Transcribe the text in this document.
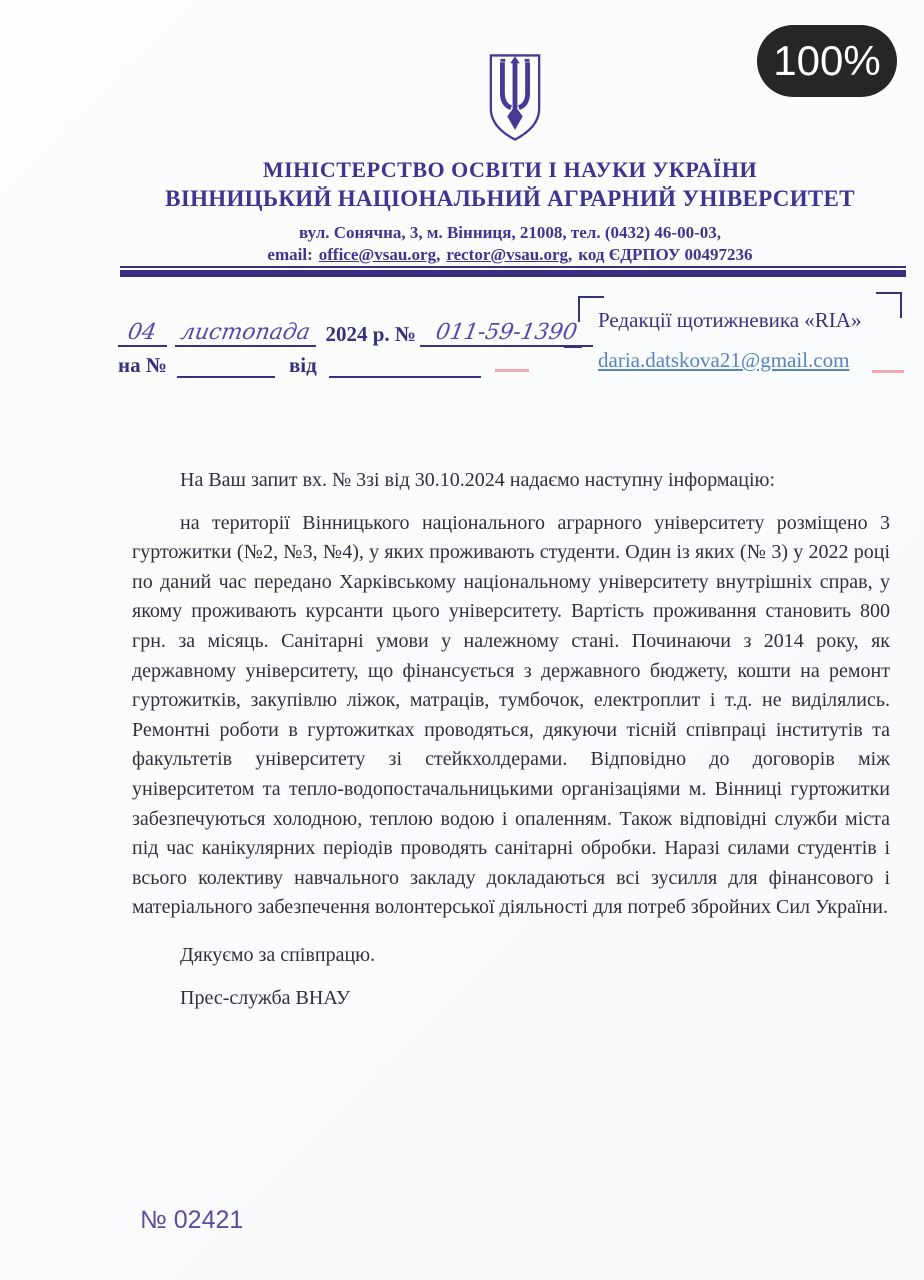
МІНІСТЕРСТВО ОСВІТИ І НАУКИ УКРАЇНИ
ВІННИЦЬКИЙ НАЦІОНАЛЬНИЙ АГРАРНИЙ УНІВЕРСИТЕТ
вул. Сонячна, 3, м. Вінниця, 21008, тел. (0432) 46-00-03,
email: office@vsau.org, rector@vsau.org, код ЄДРПОУ 00497236
04 листопада 2024 р. № 011-59-1390
на №
	від

Редакції щотижневика «RIA»
daria.datskova21@gmail.com

На Ваш запит вх. № 3зі від 30.10.2024 надаємо наступну інформацію:

на території Вінницького національного аграрного університету розміщено 3 гуртожитки (№2, №3, №4), у яких проживають студенти. Один із яких (№ 3) у 2022 році по даний час передано Харківському національному університету внутрішніх справ, у якому проживають курсанти цього університету. Вартість проживання становить 800 грн. за місяць. Санітарні умови у належному стані. Починаючи з 2014 року, як державному університету, що фінансується з державного бюджету, кошти на ремонт гуртожитків, закупівлю ліжок, матраців, тумбочок, електроплит і т.д. не виділялись. Ремонтні роботи в гуртожитках проводяться, дякуючи тісній співпраці інститутів та факультетів університету зі стейкхолдерами. Відповідно до договорів між університетом та тепло-водопостачальницькими організаціями м. Вінниці гуртожитки забезпечуються холодною, теплою водою і опаленням. Також відповідні служби міста під час канікулярних періодів проводять санітарні обробки. Наразі силами студентів і всього колективу навчального закладу докладаються всі зусилля для фінансового і матеріального забезпечення волонтерської діяльності для потреб збройних Сил України.

Дякуємо за співпрацю.

Прес-служба ВНАУ

№ 02421
100%
